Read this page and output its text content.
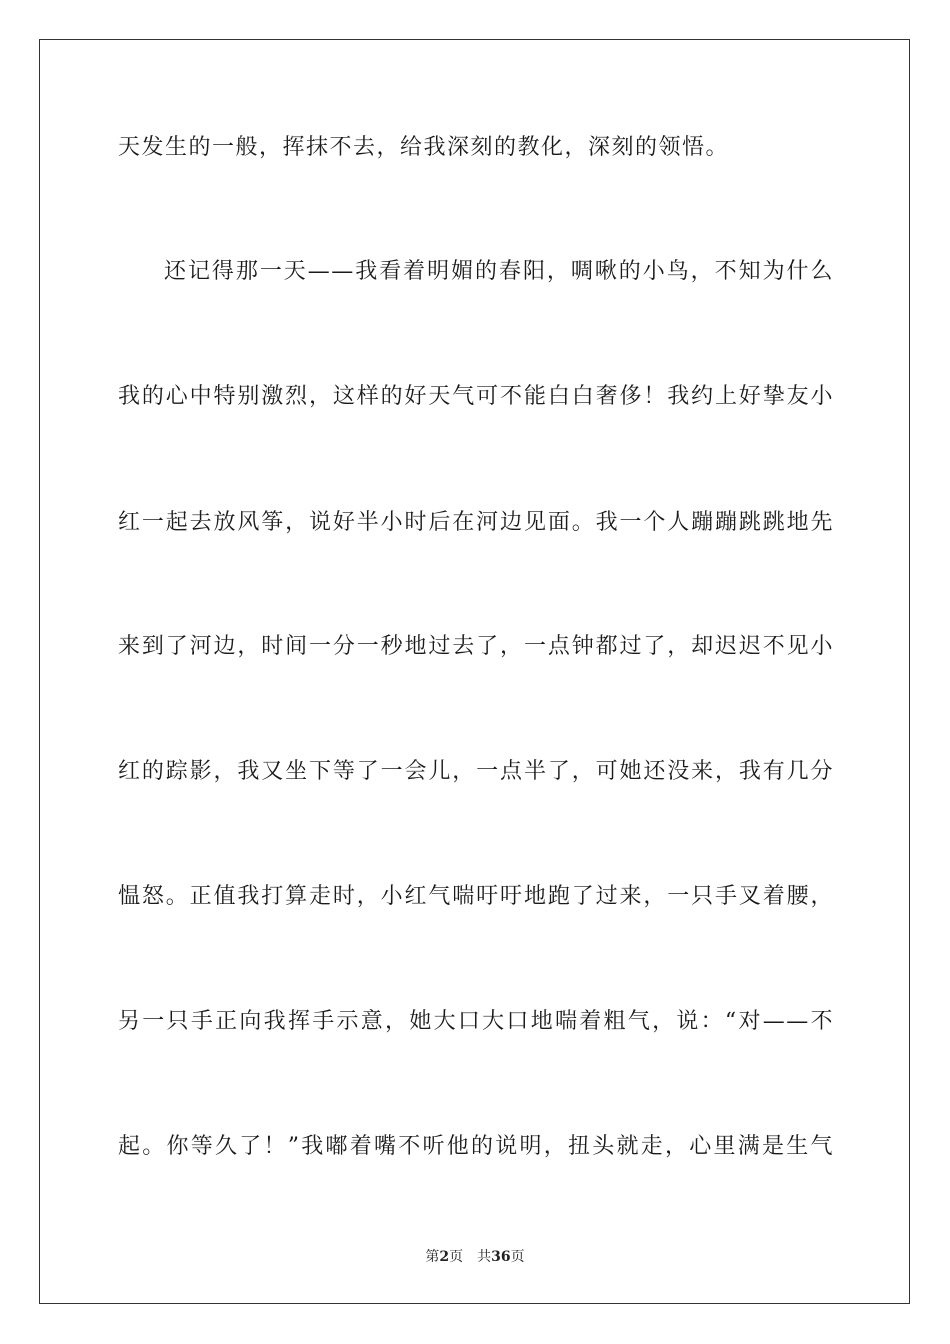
天发生的一般，挥抹不去，给我深刻的教化，深刻的领悟。
还记得那一天——我看着明媚的春阳，啁啾的小鸟，不知为什么
我的心中特别激烈，这样的好天气可不能白白奢侈！我约上好挚友小
红一起去放风筝，说好半小时后在河边见面。我一个人蹦蹦跳跳地先
来到了河边，时间一分一秒地过去了，一点钟都过了，却迟迟不见小
红的踪影，我又坐下等了一会儿，一点半了，可她还没来，我有几分
愠怒。正值我打算走时，小红气喘吁吁地跑了过来，一只手叉着腰，
另一只手正向我挥手示意，她大口大口地喘着粗气，说：“对——不
起。你等久了！”我嘟着嘴不听他的说明，扭头就走，心里满是生气
第2页 共36页
